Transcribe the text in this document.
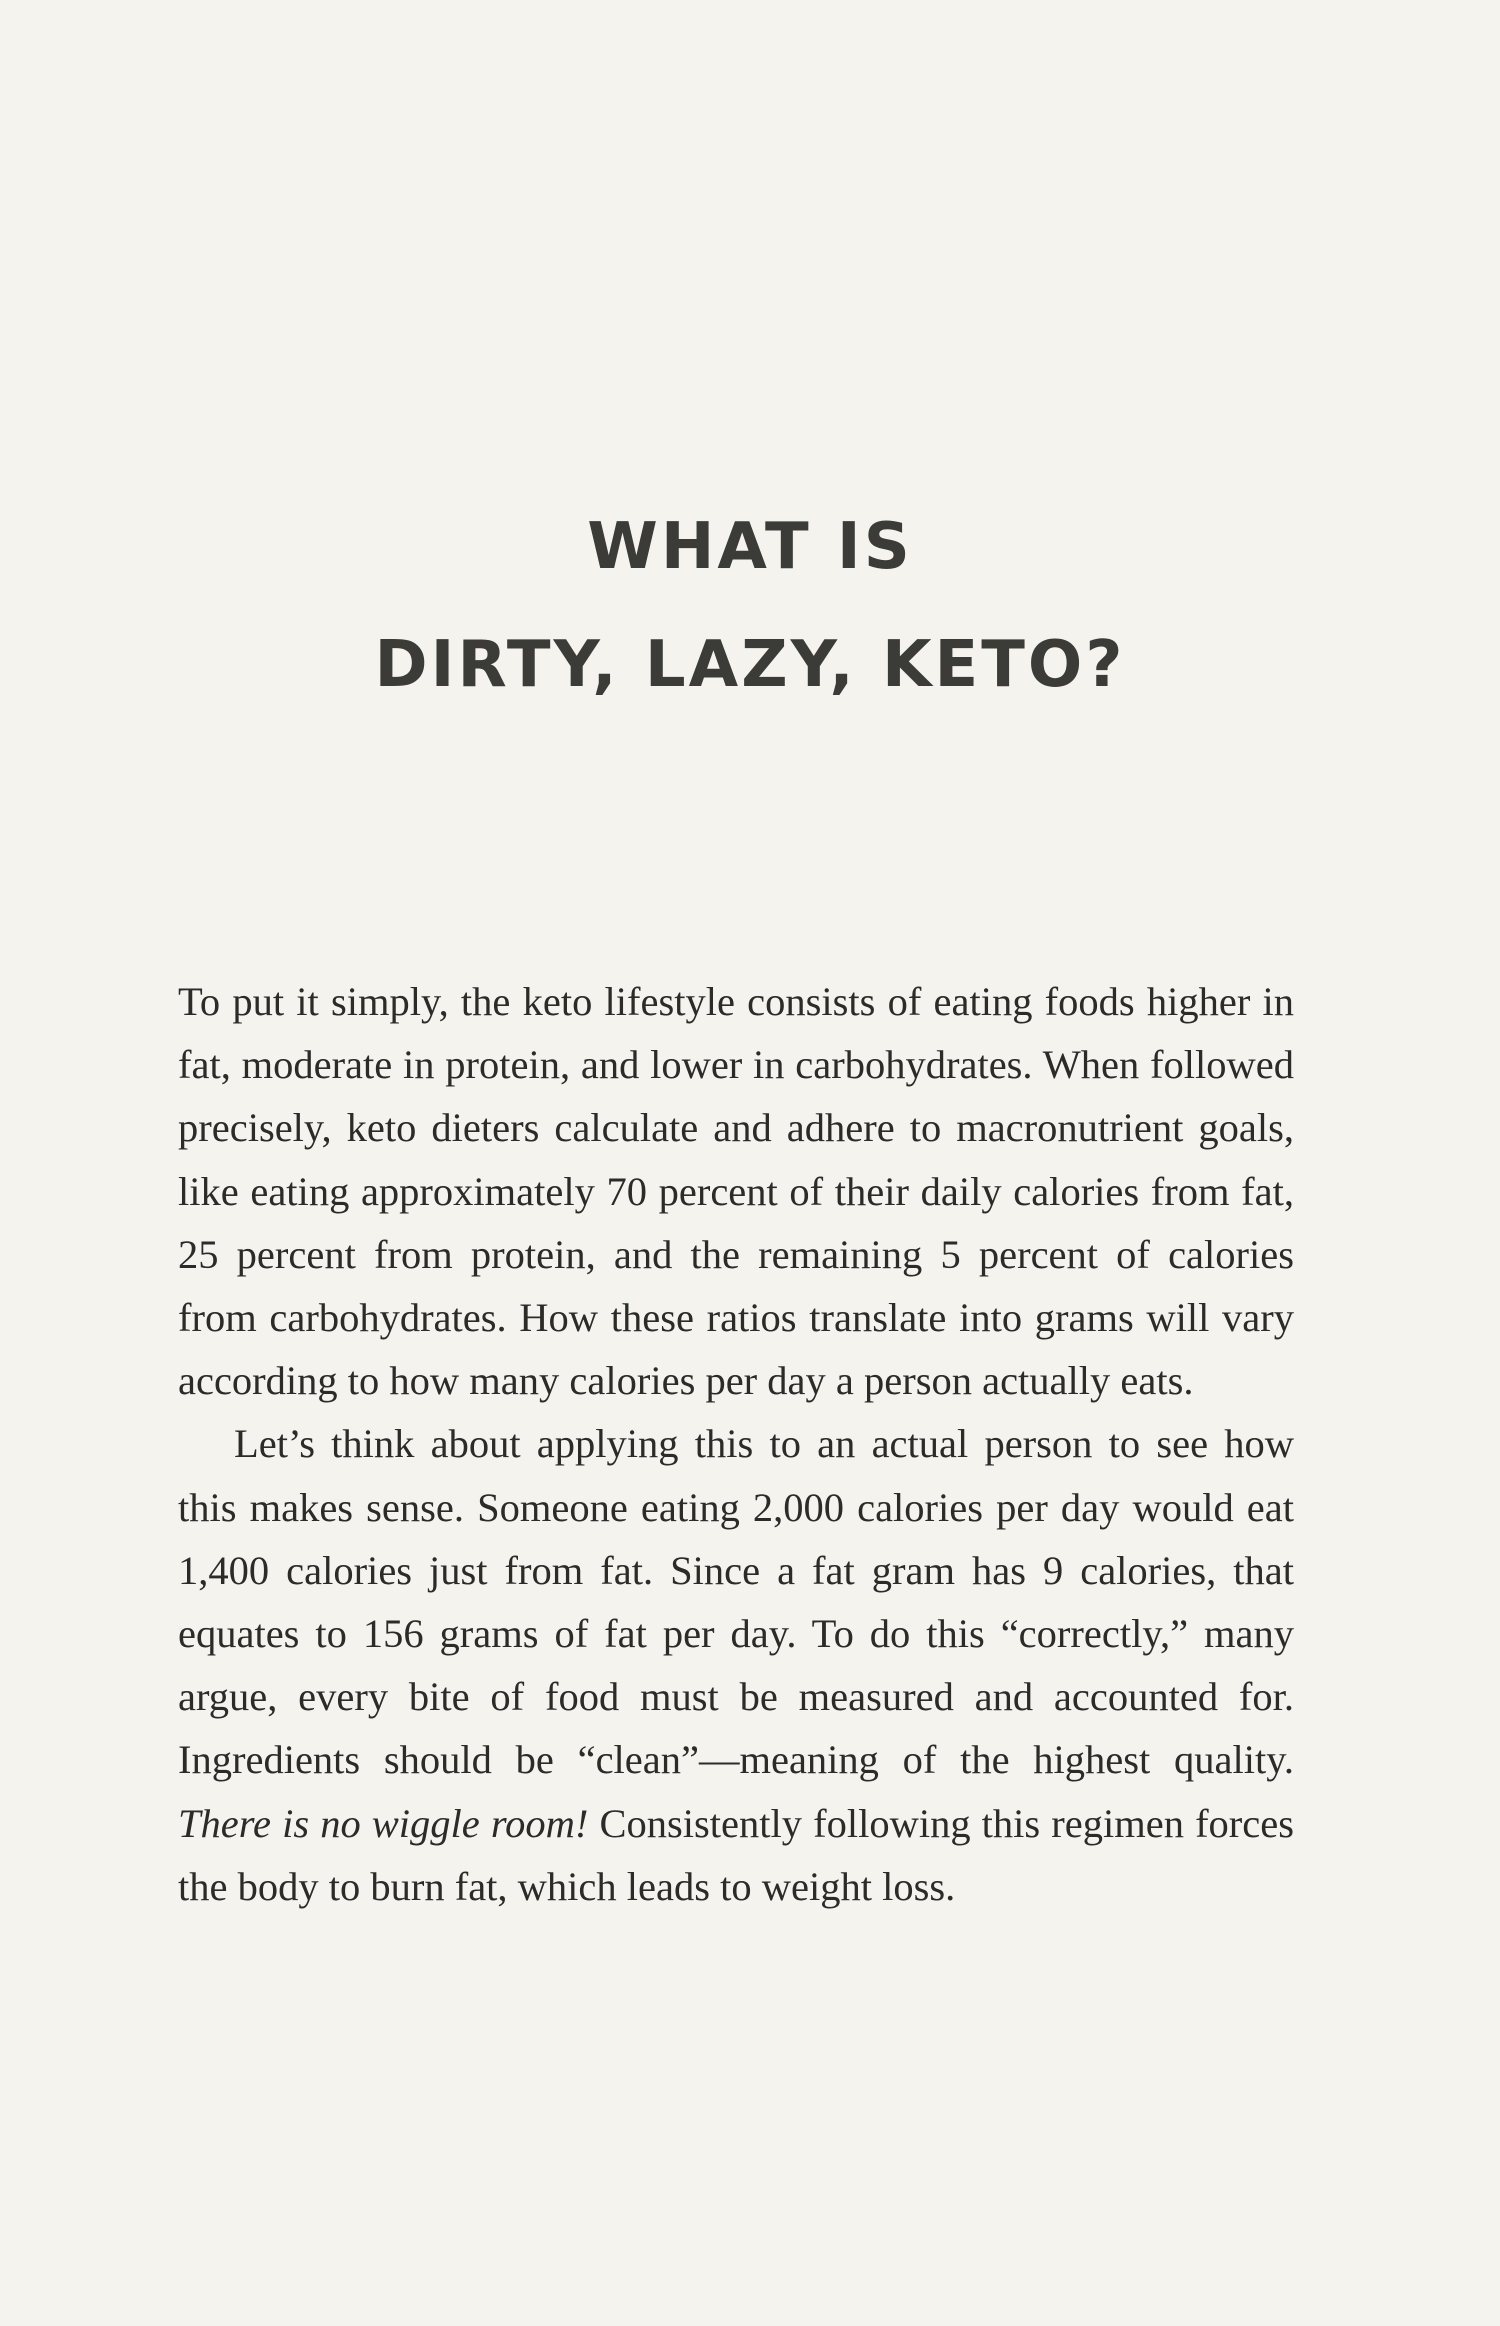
WHAT IS
DIRTY, LAZY, KETO?

To put it simply, the keto lifestyle consists of eating foods higher in fat, moderate in protein, and lower in carbohydrates. When followed precisely, keto dieters calculate and adhere to macronutrient goals, like eating approximately 70 percent of their daily calories from fat, 25 percent from protein, and the remaining 5 percent of calories from carbohydrates. How these ratios translate into grams will vary according to how many calories per day a person actually eats.

Let’s think about applying this to an actual person to see how this makes sense. Someone eating 2,000 calories per day would eat 1,400 calories just from fat. Since a fat gram has 9 calories, that equates to 156 grams of fat per day. To do this “correctly,” many argue, every bite of food must be measured and accounted for. Ingredients should be “clean”—meaning of the highest quality. There is no wiggle room! Consistently following this regimen forces the body to burn fat, which leads to weight loss.
